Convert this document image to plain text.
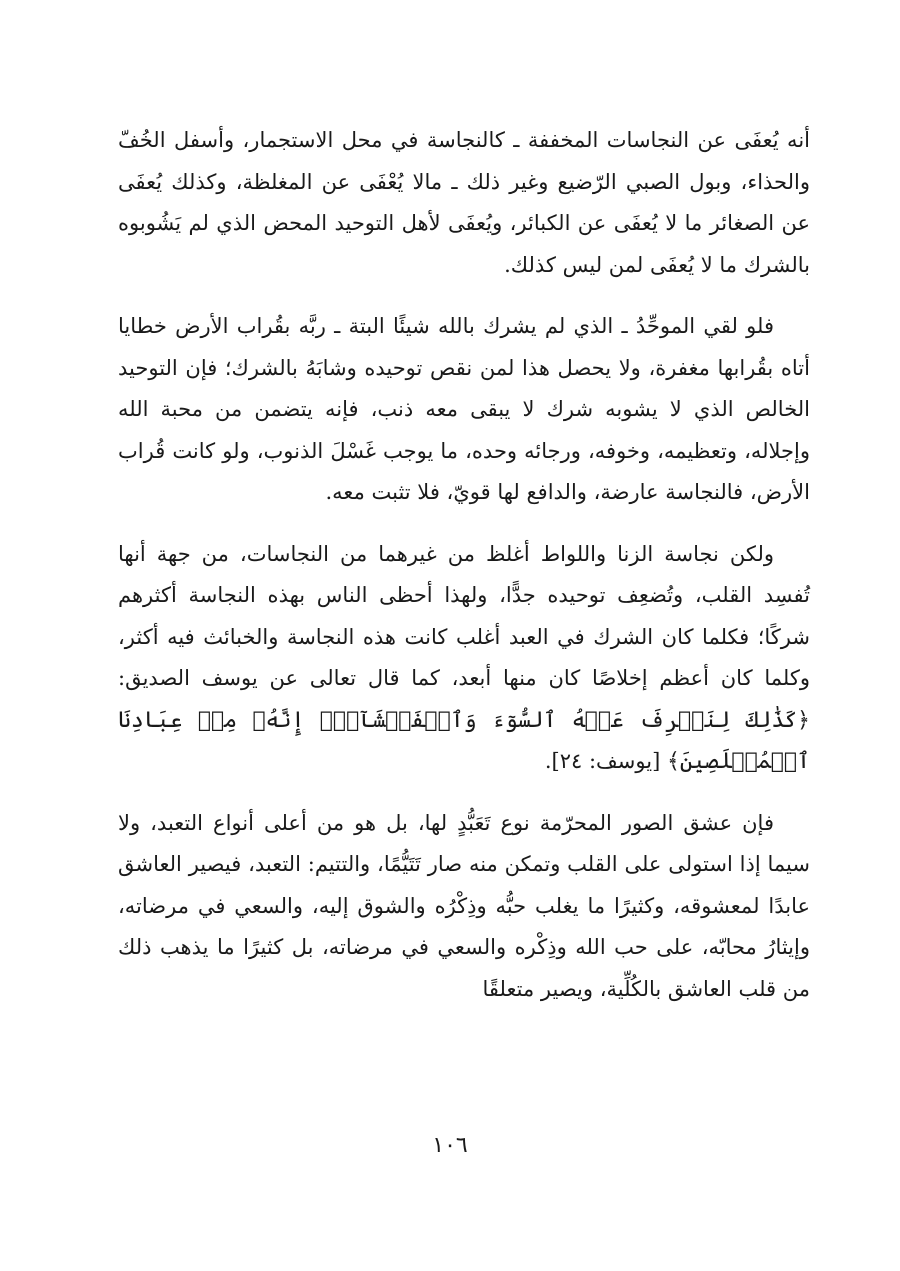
أنه يُعفَى عن النجاسات المخففة ـ كالنجاسة في محل الاستجمار، وأسفل الخُفّ والحذاء، وبول الصبي الرّضيع وغير ذلك ـ مالا يُعْفَى عن المغلظة، وكذلك يُعفَى عن الصغائر ما لا يُعفَى عن الكبائر، ويُعفَى لأهل التوحيد المحض الذي لم يَشُوبوه بالشرك ما لا يُعفَى لمن ليس كذلك.

فلو لقي الموحِّدُ ـ الذي لم يشرك بالله شيئًا البتة ـ ربَّه بقُراب الأرض خطايا أتاه بقُرابها مغفرة، ولا يحصل هذا لمن نقص توحيده وشابَهُ بالشرك؛ فإن التوحيد الخالص الذي لا يشوبه شرك لا يبقى معه ذنب، فإنه يتضمن من محبة الله وإجلاله، وتعظيمه، وخوفه، ورجائه وحده، ما يوجب غَسْلَ الذنوب، ولو كانت قُراب الأرض، فالنجاسة عارضة، والدافع لها قويّ، فلا تثبت معه.

ولكن نجاسة الزنا واللواط أغلظ من غيرهما من النجاسات، من جهة أنها تُفسِد القلب، وتُضعِف توحيده جدًّا، ولهذا أحظى الناس بهذه النجاسة أكثرهم شركًا؛ فكلما كان الشرك في العبد أغلب كانت هذه النجاسة والخبائث فيه أكثر، وكلما كان أعظم إخلاصًا كان منها أبعد، كما قال تعالى عن يوسف الصديق: ﴿كَذَٰلِكَ لِنَصۡرِفَ عَنۡهُ ٱلسُّوٓءَ وَٱلۡفَحۡشَآءَۚ إِنَّهُۥ مِنۡ عِبَادِنَا ٱلۡمُخۡلَصِينَ﴾ [يوسف: ٢٤].

فإن عشق الصور المحرّمة نوع تَعَبُّدٍ لها، بل هو من أعلى أنواع التعبد، ولا سيما إذا استولى على القلب وتمكن منه صار تَتَيُّمًا، والتتيم: التعبد، فيصير العاشق عابدًا لمعشوقه، وكثيرًا ما يغلب حبُّه وذِكْرُه والشوق إليه، والسعي في مرضاته، وإيثارُ محابّه، على حب الله وذِكْره والسعي في مرضاته، بل كثيرًا ما يذهب ذلك من قلب العاشق بالكُلِّية، ويصير متعلقًا

١٠٦
